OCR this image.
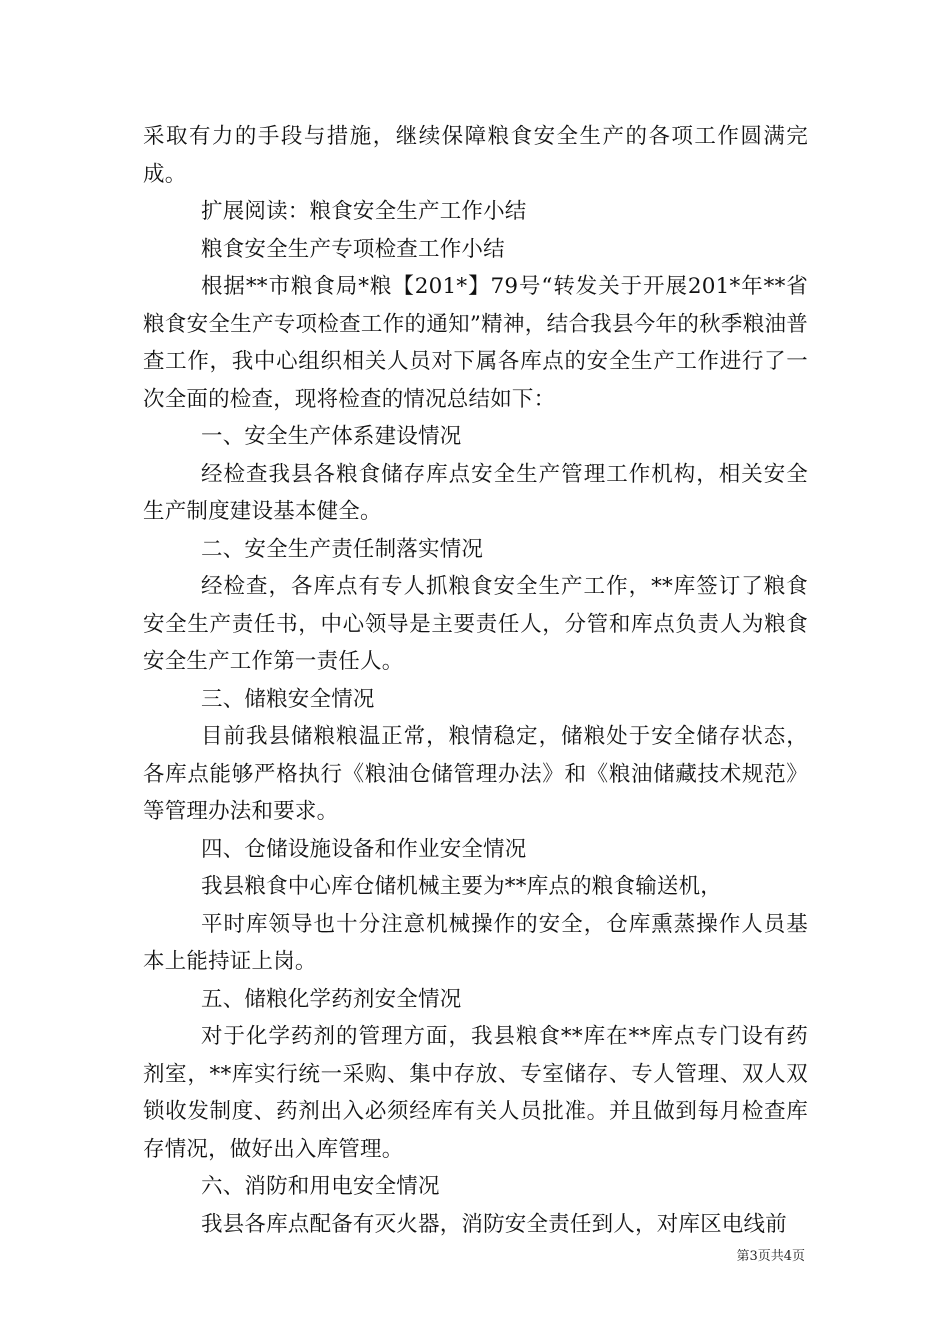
采取有力的手段与措施，继续保障粮食安全生产的各项工作圆满完成。

扩展阅读：粮食安全生产工作小结

粮食安全生产专项检查工作小结

根据**市粮食局*粮【201*】79号“转发关于开展201*年**省粮食安全生产专项检查工作的通知”精神，结合我县今年的秋季粮油普查工作，我中心组织相关人员对下属各库点的安全生产工作进行了一次全面的检查，现将检查的情况总结如下：

一、安全生产体系建设情况

经检查我县各粮食储存库点安全生产管理工作机构，相关安全生产制度建设基本健全。

二、安全生产责任制落实情况

经检查，各库点有专人抓粮食安全生产工作，**库签订了粮食安全生产责任书，中心领导是主要责任人，分管和库点负责人为粮食安全生产工作第一责任人。

三、储粮安全情况

目前我县储粮粮温正常，粮情稳定，储粮处于安全储存状态，各库点能够严格执行《粮油仓储管理办法》和《粮油储藏技术规范》等管理办法和要求。

四、仓储设施设备和作业安全情况

我县粮食中心库仓储机械主要为**库点的粮食输送机，

平时库领导也十分注意机械操作的安全，仓库熏蒸操作人员基本上能持证上岗。

五、储粮化学药剂安全情况

对于化学药剂的管理方面，我县粮食**库在**库点专门设有药剂室，**库实行统一采购、集中存放、专室储存、专人管理、双人双锁收发制度、药剂出入必须经库有关人员批准。并且做到每月检查库存情况，做好出入库管理。

六、消防和用电安全情况

我县各库点配备有灭火器，消防安全责任到人，对库区电线前

第3页共4页
